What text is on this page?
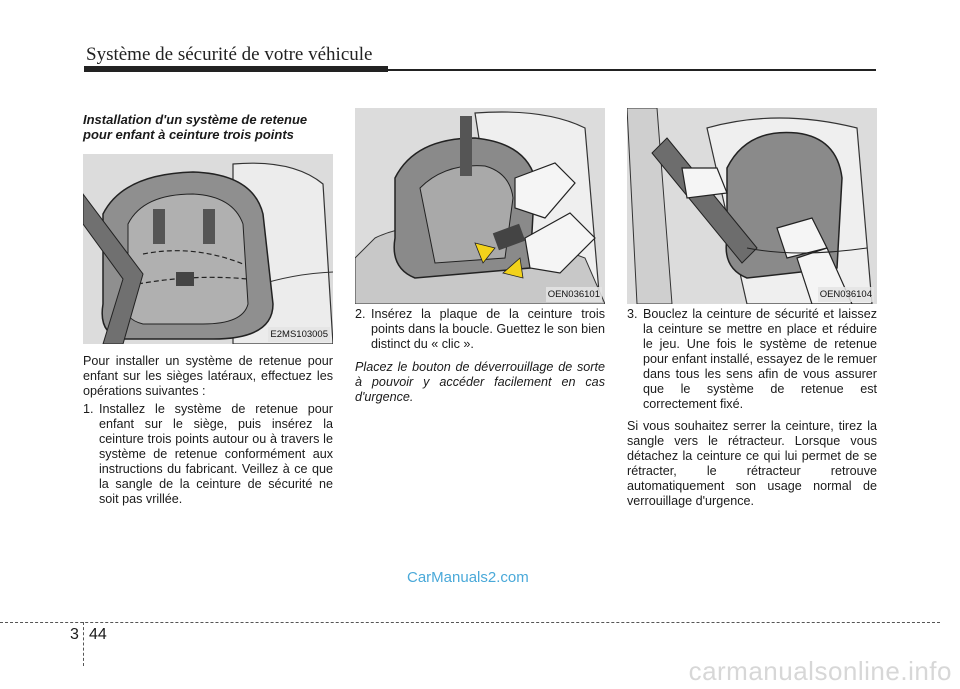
Système de sécurité de votre véhicule
Installation d'un système de retenue pour enfant à ceinture trois points
E2MS103005

Pour installer un système de retenue pour enfant sur les sièges latéraux, effectuez les opérations suivantes :

1. Installez le système de retenue pour enfant sur le siège, puis insérez la ceinture trois points autour ou à travers le système de retenue conformément aux instructions du fabricant. Veillez à ce que la sangle de la ceinture de sécurité ne soit pas vrillée.
OEN036101
2. Insérez la plaque de la ceinture trois points dans la boucle. Guettez le son bien distinct du « clic ».

Placez le bouton de déverrouillage de sorte à pouvoir y accéder facilement en cas d'urgence.

OEN036104
3. Bouclez la ceinture de sécurité et laissez la ceinture se mettre en place et réduire le jeu. Une fois le système de retenue pour enfant installé, essayez de le remuer dans tous les sens afin de vous assurer que le système de retenue est correctement fixé.

Si vous souhaitez serrer la ceinture, tirez la sangle vers le rétracteur. Lorsque vous détachez la ceinture ce qui lui permet de se rétracter, le rétracteur retrouve automatiquement son usage normal de verrouillage d'urgence.

CarManuals2.com
3 44
carmanualsonline.info
